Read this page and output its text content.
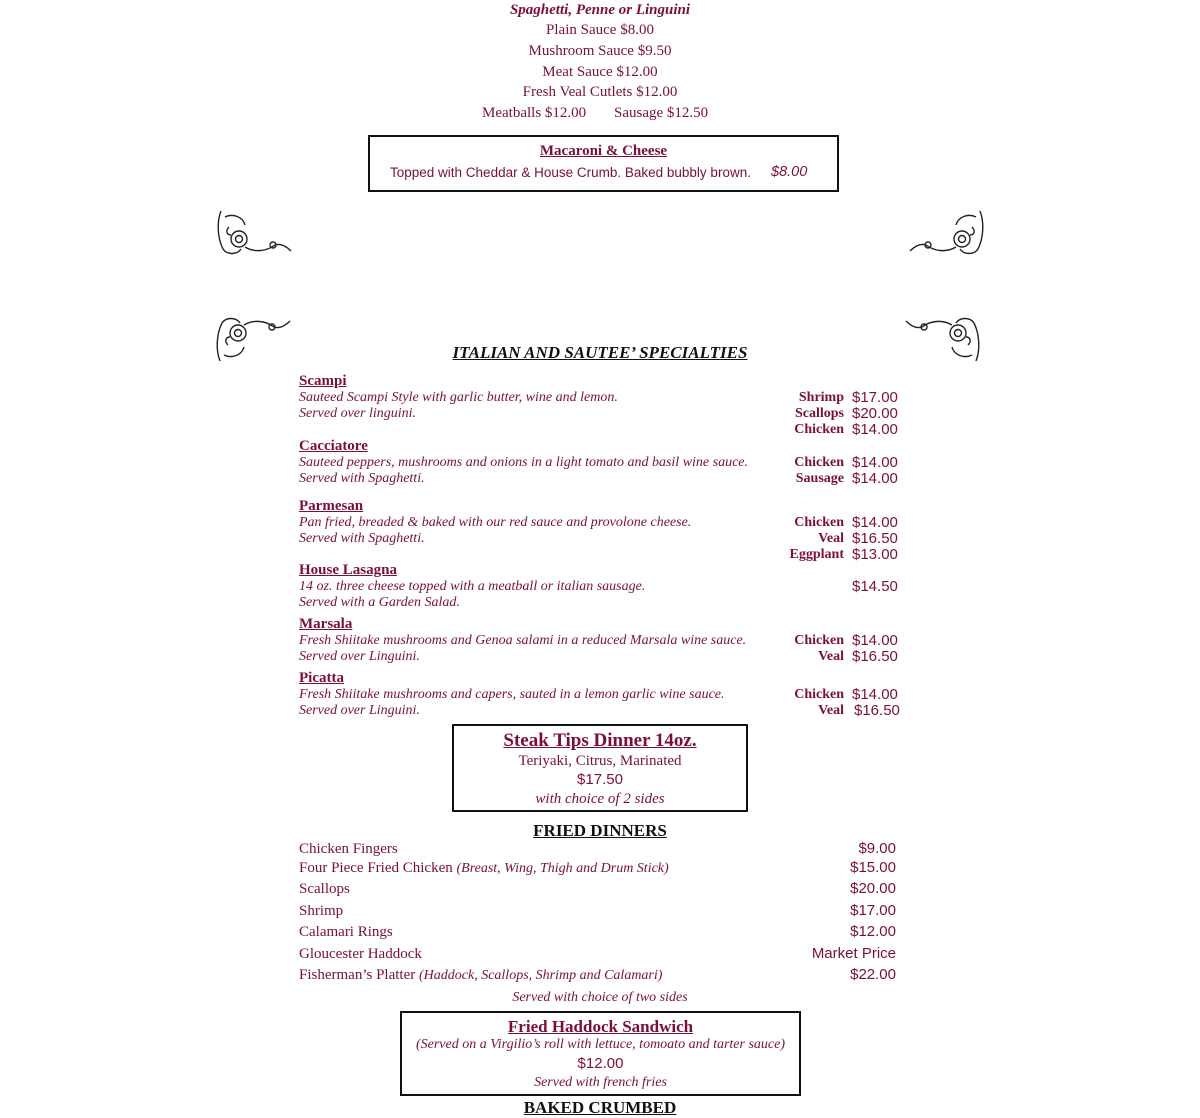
Spaghetti, Penne or Linguini
Plain Sauce $8.00
Mushroom Sauce $9.50
Meat Sauce $12.00
Fresh Veal Cutlets $12.00
Meatballs $12.00 Sausage $12.50
Macaroni & Cheese
Topped with Cheddar & House Crumb. Baked bubbly brown. $8.00
ITALIAN AND SAUTEE’ SPECIALTIES
Scampi
Sauteed Scampi Style with garlic butter, wine and lemon.
Served over linguini.
Shrimp $17.00
Scallops $20.00
Chicken $14.00
Cacciatore
Sauteed peppers, mushrooms and onions in a light tomato and basil wine sauce.
Served with Spaghetti.
Chicken $14.00
Sausage $14.00
Parmesan
Pan fried, breaded & baked with our red sauce and provolone cheese.
Served with Spaghetti.
Chicken $14.00
Veal $16.50
Eggplant $13.00
House Lasagna
14 oz. three cheese topped with a meatball or italian sausage.
Served with a Garden Salad.
$14.50
Marsala
Fresh Shiitake mushrooms and Genoa salami in a reduced Marsala wine sauce.
Served over Linguini.
Chicken $14.00
Veal $16.50
Picatta
Fresh Shiitake mushrooms and capers, sauted in a lemon garlic wine sauce.
Served over Linguini.
Chicken $14.00
Veal $16.50
Steak Tips Dinner 14oz.
Teriyaki, Citrus, Marinated
$17.50
with choice of 2 sides
FRIED DINNERS
Chicken Fingers	$9.00
Four Piece Fried Chicken (Breast, Wing, Thigh and Drum Stick)	$15.00
Scallops	$20.00
Shrimp	$17.00
Calamari Rings	$12.00
Gloucester Haddock	Market Price
Fisherman’s Platter (Haddock, Scallops, Shrimp and Calamari)	$22.00
Served with choice of two sides
Fried Haddock Sandwich
(Served on a Virgilio’s roll with lettuce, tomoato and tarter sauce)
$12.00
Served with french fries
BAKED CRUMBED
